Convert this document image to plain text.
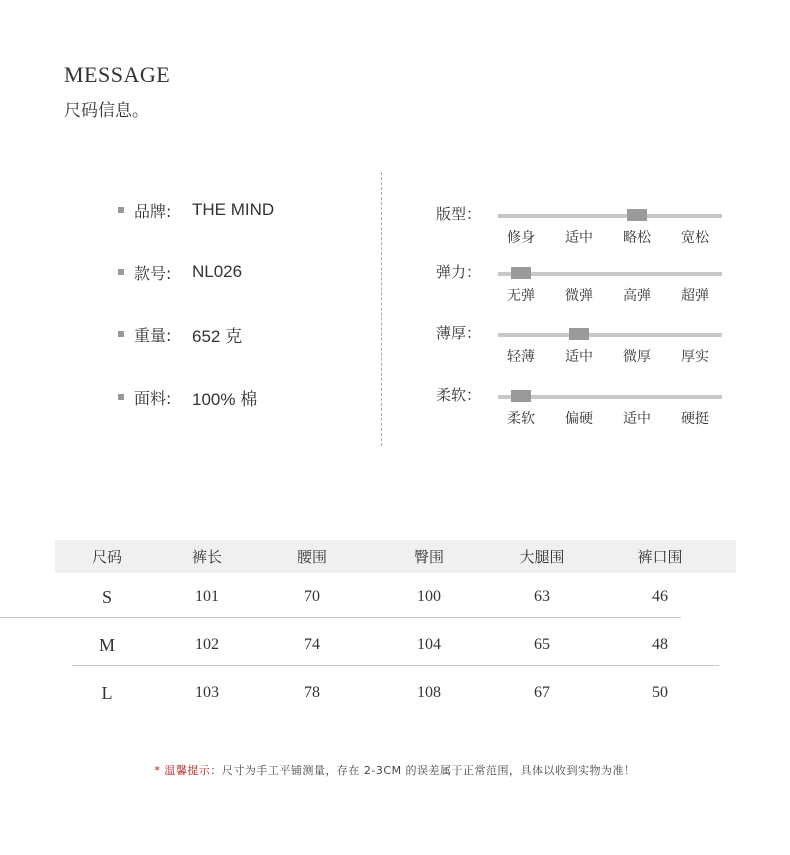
MESSAGE
尺码信息。
品牌:	THE MIND
款号:	NL026
重量:	652 克
面料:	100% 棉
版型：
修身	适中	略松	宽松
弹力：
无弹	微弹	高弹	超弹
薄厚：
轻薄	适中	微厚	厚实
柔软：
柔软	偏硬	适中	硬挺
尺码	裤长	腰围	臀围	大腿围	裤口围
S	101	70	100	63	46
M	102	74	104	65	48
L	103	78	108	67	50
* 温馨提示：尺寸为手工平铺测量，存在 2-3CM 的误差属于正常范围，具体以收到实物为准！
